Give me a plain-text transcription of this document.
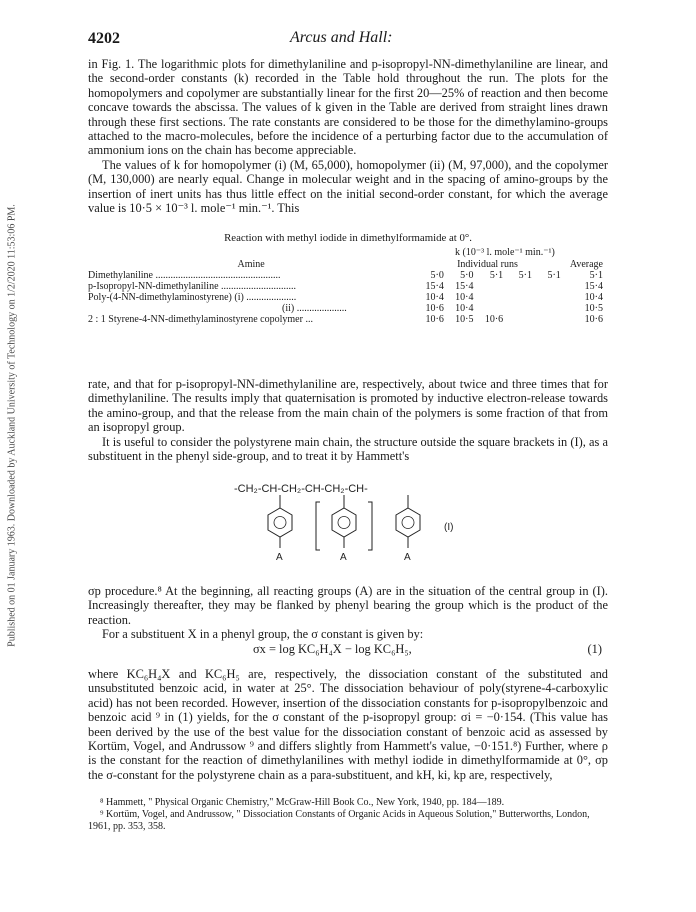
Published on 01 January 1963. Downloaded by Auckland University of Technology on 1/2/2020 11:53:06 PM.
4202	Arcus and Hall:

in Fig. 1. The logarithmic plots for dimethylaniline and p-isopropyl-NN-dimethylaniline are linear, and the second-order constants (k) recorded in the Table hold throughout the run. The plots for the homopolymers and copolymer are substantially linear for the first 20—25% of reaction and then become concave towards the abscissa. The values of k given in the Table are derived from straight lines drawn through these first sections. The rate constants are considered to be those for the dimethylamino-groups attached to the macro-molecules, before the incidence of a perturbing factor due to the accumulation of ammonium ions on the chain has become appreciable.

The values of k for homopolymer (i) (M, 65,000), homopolymer (ii) (M, 97,000), and the copolymer (M, 130,000) are nearly equal. Change in molecular weight and in the spacing of amino-groups by the insertion of inert units has thus little effect on the initial second-order constant, for which the average value is 10·5 × 10⁻³ l. mole⁻¹ min.⁻¹. This

Reaction with methyl iodide in dimethylformamide at 0°.
k (10⁻³ l. mole⁻¹ min.⁻¹)
Amine	Individual runs					Average
Dimethylaniline ..................................................	5·0	5·0	5·1	5·1	5·1	5·1
p-Isopropyl-NN-dimethylaniline ..............................	15·4	15·4				15·4
Poly-(4-NN-dimethylaminostyrene) (i) ....................	10·4	10·4				10·4
(ii) ....................	10·6	10·4				10·5
2 : 1 Styrene-4-NN-dimethylaminostyrene copolymer ...	10·6	10·5	10·6			10·6

rate, and that for p-isopropyl-NN-dimethylaniline are, respectively, about twice and three times that for dimethylaniline. The results imply that quaternisation is promoted by inductive electron-release towards the amino-group, and that the release from the main chain of the polymers is some fraction of that from an isopropyl group.

It is useful to consider the polystyrene main chain, the structure outside the square brackets in (I), as a substituent in the phenyl side-group, and to treat it by Hammett's

-CH₂-CH-CH₂-CH-CH₂-CH-
A	A	A
(I)

σp procedure.⁸ At the beginning, all reacting groups (A) are in the situation of the central group in (I). Increasingly thereafter, they may be flanked by phenyl bearing the group which is the product of the reaction.

For a substituent X in a phenyl group, the σ constant is given by:

σx = log KC₆H₄X − log KC₆H₅,	(1)

where KC₆H₄X and KC₆H₅ are, respectively, the dissociation constant of the substituted and unsubstituted benzoic acid, in water at 25°. The dissociation behaviour of poly(styrene-4-carboxylic acid) has not been recorded. However, insertion of the dissociation constants for p-isopropylbenzoic and benzoic acid ⁹ in (1) yields, for the σ constant of the p-isopropyl group: σi = −0·154. (This value has been derived by the use of the best value for the dissociation constant of benzoic acid as assessed by Kortüm, Vogel, and Andrussow ⁹ and differs slightly from Hammett's value, −0·151.⁸) Further, where ρ is the constant for the reaction of dimethylanilines with methyl iodide in dimethylformamide at 0°, σp the σ-constant for the polystyrene chain as a para-substituent, and kH, ki, kp are, respectively,

⁸ Hammett, " Physical Organic Chemistry," McGraw-Hill Book Co., New York, 1940, pp. 184—189.

⁹ Kortüm, Vogel, and Andrussow, " Dissociation Constants of Organic Acids in Aqueous Solution," Butterworths, London, 1961, pp. 353, 358.
